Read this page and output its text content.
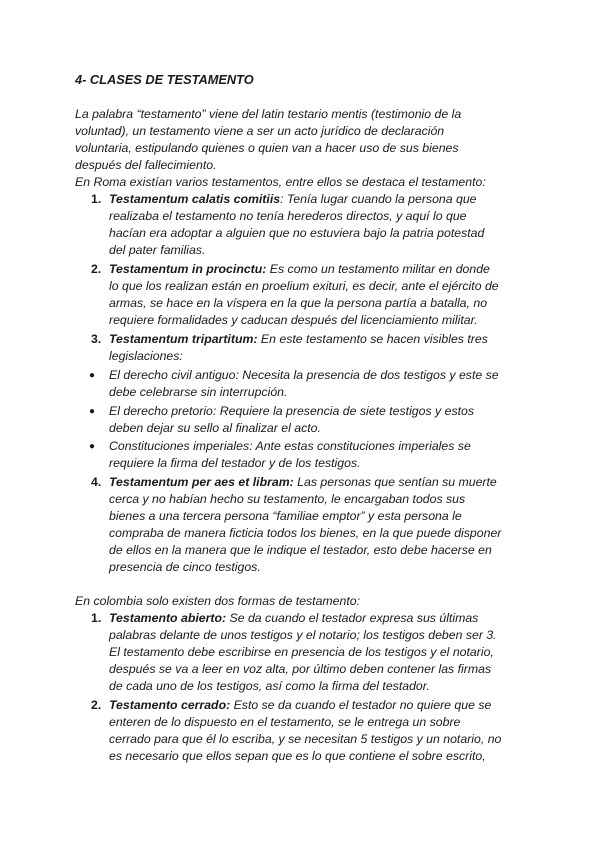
4- CLASES DE TESTAMENTO
La palabra “testamento” viene del latin testario mentis (testimonio de la
voluntad), un testamento viene a ser un acto jurídico de declaración
voluntaria, estipulando quienes o quien van a hacer uso de sus bienes
después del fallecimiento.
En Roma existían varios testamentos, entre ellos se destaca el testamento:
1. Testamentum calatis comitiis: Tenía lugar cuando la persona que
realizaba el testamento no tenía herederos directos, y aquí lo que
hacían era adoptar a alguien que no estuviera bajo la patria potestad
del pater familias.
2. Testamentum in procinctu: Es como un testamento militar en donde
lo que los realizan están en proelium exituri, es decir, ante el ejército de
armas, se hace en la víspera en la que la persona partía a batalla, no
requiere formalidades y caducan después del licenciamiento militar.
3. Testamentum tripartitum: En este testamento se hacen visibles tres
legislaciones:
● El derecho civil antiguo: Necesita la presencia de dos testigos y este se
debe celebrarse sin interrupción.
● El derecho pretorio: Requiere la presencia de siete testigos y estos
deben dejar su sello al finalizar el acto.
● Constituciones imperiales: Ante estas constituciones imperiales se
requiere la firma del testador y de los testigos.
4. Testamentum per aes et libram: Las personas que sentían su muerte
cerca y no habían hecho su testamento, le encargaban todos sus
bienes a una tercera persona “familiae emptor” y esta persona le
compraba de manera ficticia todos los bienes, en la que puede disponer
de ellos en la manera que le indique el testador, esto debe hacerse en
presencia de cinco testigos.
En colombia solo existen dos formas de testamento:
1. Testamento abierto: Se da cuando el testador expresa sus últimas
palabras delante de unos testigos y el notario; los testigos deben ser 3.
El testamento debe escribirse en presencia de los testigos y el notario,
después se va a leer en voz alta, por último deben contener las firmas
de cada uno de los testigos, así como la firma del testador.
2. Testamento cerrado: Esto se da cuando el testador no quiere que se
enteren de lo dispuesto en el testamento, se le entrega un sobre
cerrado para que él lo escriba, y se necesitan 5 testigos y un notario, no
es necesario que ellos sepan que es lo que contiene el sobre escrito,
